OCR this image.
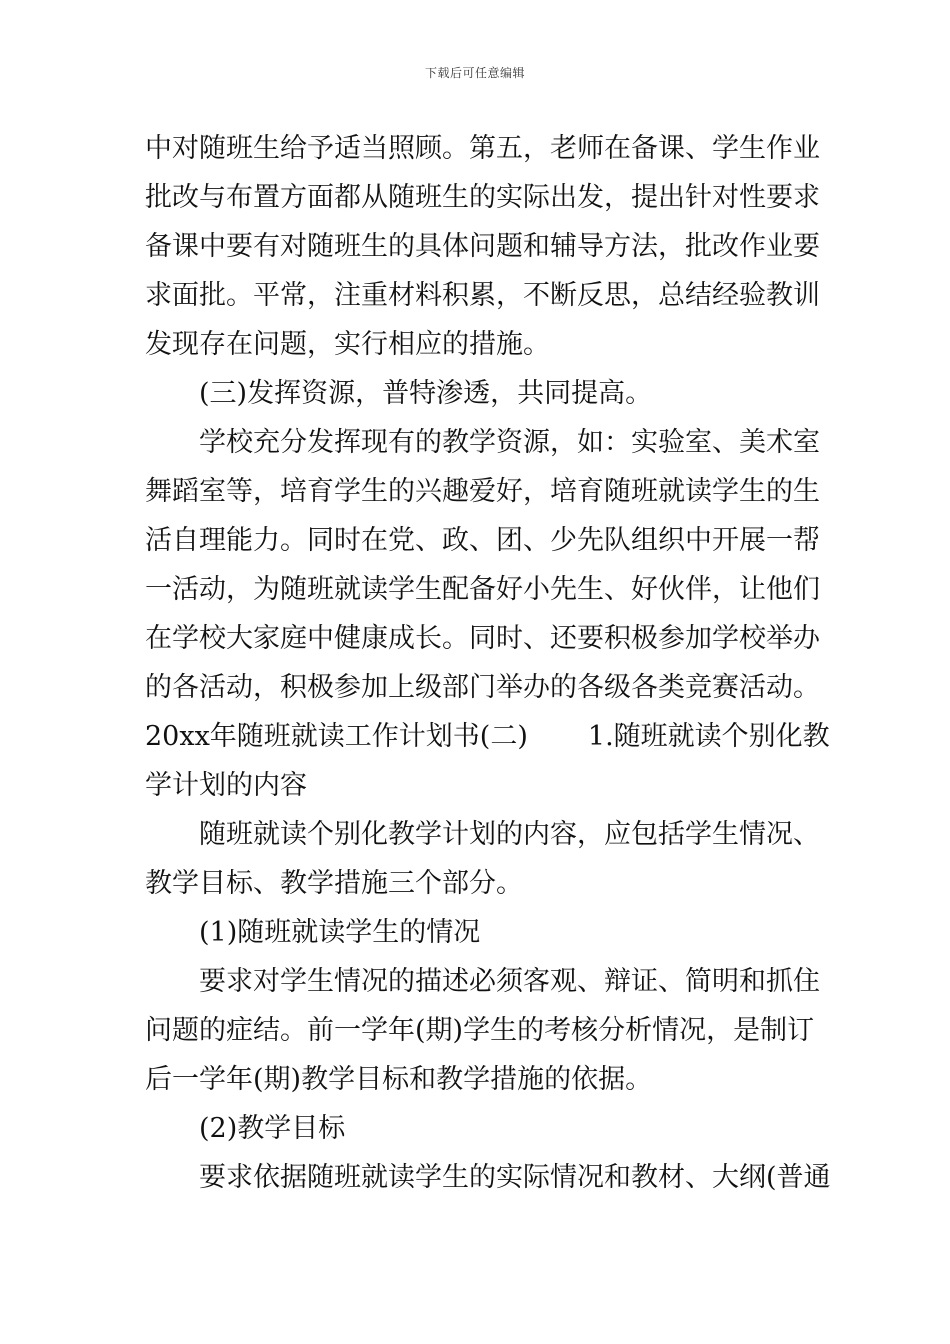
下载后可任意编辑
中对随班生给予适当照顾。第五，老师在备课、学生作业
批改与布置方面都从随班生的实际出发，提出针对性要求
备课中要有对随班生的具体问题和辅导方法，批改作业要
求面批。平常，注重材料积累，不断反思，总结经验教训
发现存在问题，实行相应的措施。
(三)发挥资源，普特渗透，共同提高。
学校充分发挥现有的教学资源，如：实验室、美术室
舞蹈室等，培育学生的兴趣爱好，培育随班就读学生的生
活自理能力。同时在党、政、团、少先队组织中开展一帮
一活动，为随班就读学生配备好小先生、好伙伴，让他们
在学校大家庭中健康成长。同时、还要积极参加学校举办
的各活动，积极参加上级部门举办的各级各类竞赛活动。
20xx年随班就读工作计划书(二) 1.随班就读个别化教
学计划的内容
随班就读个别化教学计划的内容，应包括学生情况、
教学目标、教学措施三个部分。
(1)随班就读学生的情况
要求对学生情况的描述必须客观、辩证、简明和抓住
问题的症结。前一学年(期)学生的考核分析情况，是制订
后一学年(期)教学目标和教学措施的依据。
(2)教学目标
要求依据随班就读学生的实际情况和教材、大纲(普通
